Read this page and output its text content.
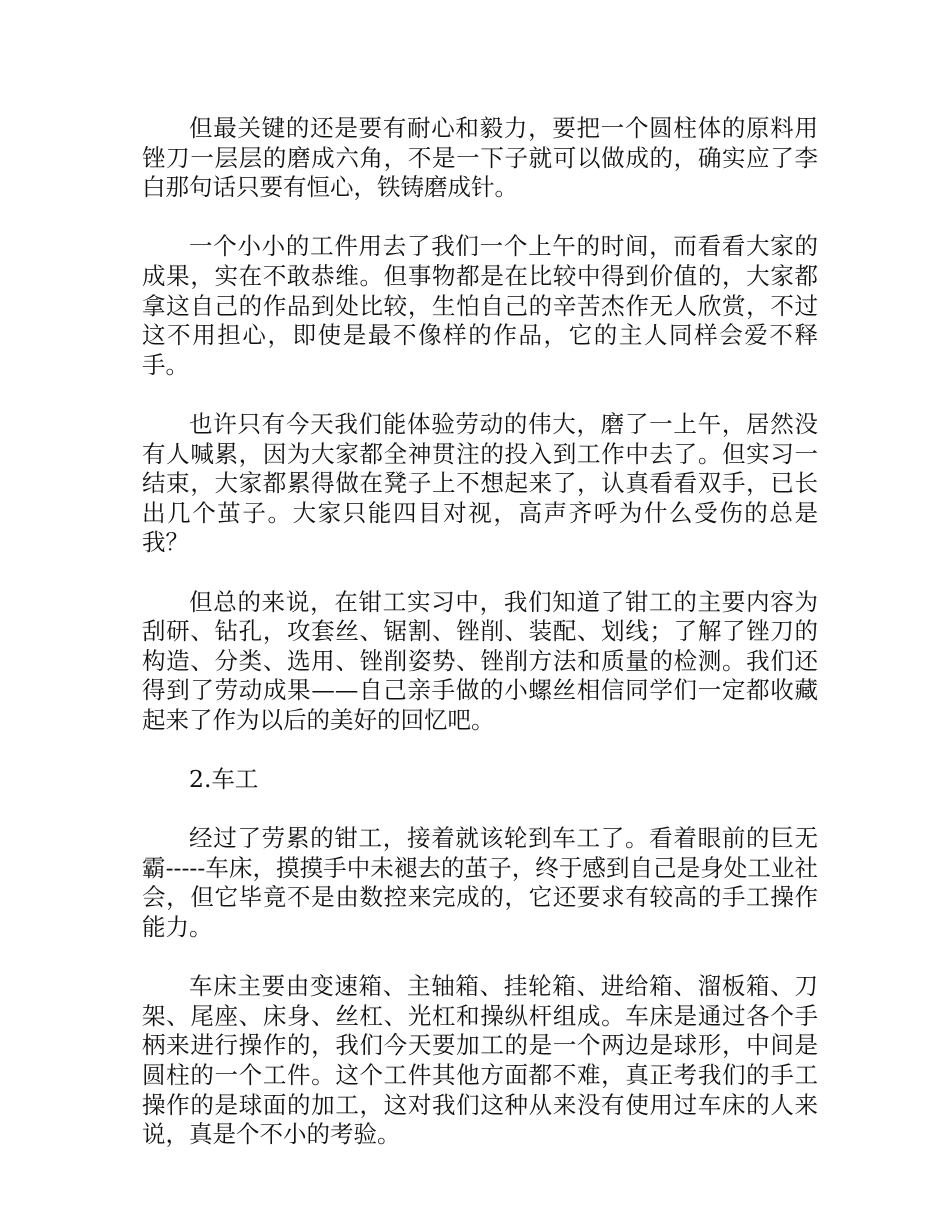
但最关键的还是要有耐心和毅力，要把一个圆柱体的原料用锉刀一层层的磨成六角，不是一下子就可以做成的，确实应了李白那句话只要有恒心，铁铸磨成针。

一个小小的工件用去了我们一个上午的时间，而看看大家的成果，实在不敢恭维。但事物都是在比较中得到价值的，大家都拿这自己的作品到处比较，生怕自己的辛苦杰作无人欣赏，不过这不用担心，即使是最不像样的作品，它的主人同样会爱不释手。

也许只有今天我们能体验劳动的伟大，磨了一上午，居然没有人喊累，因为大家都全神贯注的投入到工作中去了。但实习一结束，大家都累得做在凳子上不想起来了，认真看看双手，已长出几个茧子。大家只能四目对视，高声齐呼为什么受伤的总是我？

但总的来说，在钳工实习中，我们知道了钳工的主要内容为刮研、钻孔，攻套丝、锯割、锉削、装配、划线；了解了锉刀的构造、分类、选用、锉削姿势、锉削方法和质量的检测。我们还得到了劳动成果——自己亲手做的小螺丝相信同学们一定都收藏起来了作为以后的美好的回忆吧。

2.车工

经过了劳累的钳工，接着就该轮到车工了。看着眼前的巨无霸-----车床，摸摸手中未褪去的茧子，终于感到自己是身处工业社会，但它毕竟不是由数控来完成的，它还要求有较高的手工操作能力。

车床主要由变速箱、主轴箱、挂轮箱、进给箱、溜板箱、刀架、尾座、床身、丝杠、光杠和操纵杆组成。车床是通过各个手柄来进行操作的，我们今天要加工的是一个两边是球形，中间是圆柱的一个工件。这个工件其他方面都不难，真正考我们的手工操作的是球面的加工，这对我们这种从来没有使用过车床的人来说，真是个不小的考验。
